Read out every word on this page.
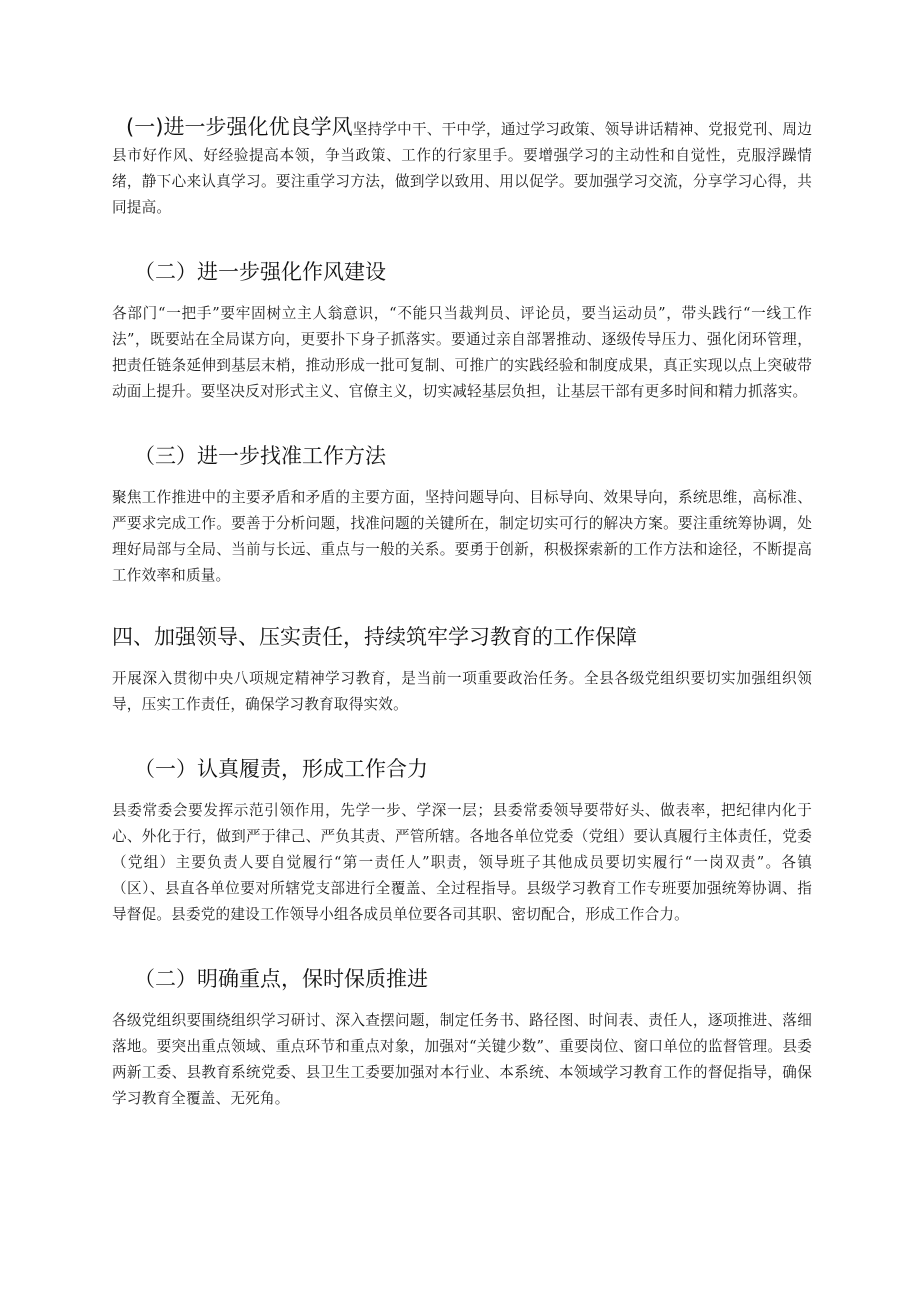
(一)进一步强化优良学风坚持学中干、干中学，通过学习政策、领导讲话精神、党报党刊、周边县市好作风、好经验提高本领，争当政策、工作的行家里手。要增强学习的主动性和自觉性，克服浮躁情绪，静下心来认真学习。要注重学习方法，做到学以致用、用以促学。要加强学习交流，分享学习心得，共同提高。

（二）进一步强化作风建设

各部门“一把手”要牢固树立主人翁意识，“不能只当裁判员、评论员，要当运动员”，带头践行“一线工作法”，既要站在全局谋方向，更要扑下身子抓落实。要通过亲自部署推动、逐级传导压力、强化闭环管理，把责任链条延伸到基层末梢，推动形成一批可复制、可推广的实践经验和制度成果，真正实现以点上突破带动面上提升。要坚决反对形式主义、官僚主义，切实减轻基层负担，让基层干部有更多时间和精力抓落实。

（三）进一步找准工作方法

聚焦工作推进中的主要矛盾和矛盾的主要方面，坚持问题导向、目标导向、效果导向，系统思维，高标准、严要求完成工作。要善于分析问题，找准问题的关键所在，制定切实可行的解决方案。要注重统筹协调，处理好局部与全局、当前与长远、重点与一般的关系。要勇于创新，积极探索新的工作方法和途径，不断提高工作效率和质量。

四、加强领导、压实责任，持续筑牢学习教育的工作保障

开展深入贯彻中央八项规定精神学习教育，是当前一项重要政治任务。全县各级党组织要切实加强组织领导，压实工作责任，确保学习教育取得实效。

（一）认真履责，形成工作合力

县委常委会要发挥示范引领作用，先学一步、学深一层；县委常委领导要带好头、做表率，把纪律内化于心、外化于行，做到严于律己、严负其责、严管所辖。各地各单位党委（党组）要认真履行主体责任，党委（党组）主要负责人要自觉履行“第一责任人”职责，领导班子其他成员要切实履行“一岗双责”。各镇（区）、县直各单位要对所辖党支部进行全覆盖、全过程指导。县级学习教育工作专班要加强统筹协调、指导督促。县委党的建设工作领导小组各成员单位要各司其职、密切配合，形成工作合力。

（二）明确重点，保时保质推进

各级党组织要围绕组织学习研讨、深入查摆问题，制定任务书、路径图、时间表、责任人，逐项推进、落细落地。要突出重点领域、重点环节和重点对象，加强对“关键少数”、重要岗位、窗口单位的监督管理。县委两新工委、县教育系统党委、县卫生工委要加强对本行业、本系统、本领域学习教育工作的督促指导，确保学习教育全覆盖、无死角。
